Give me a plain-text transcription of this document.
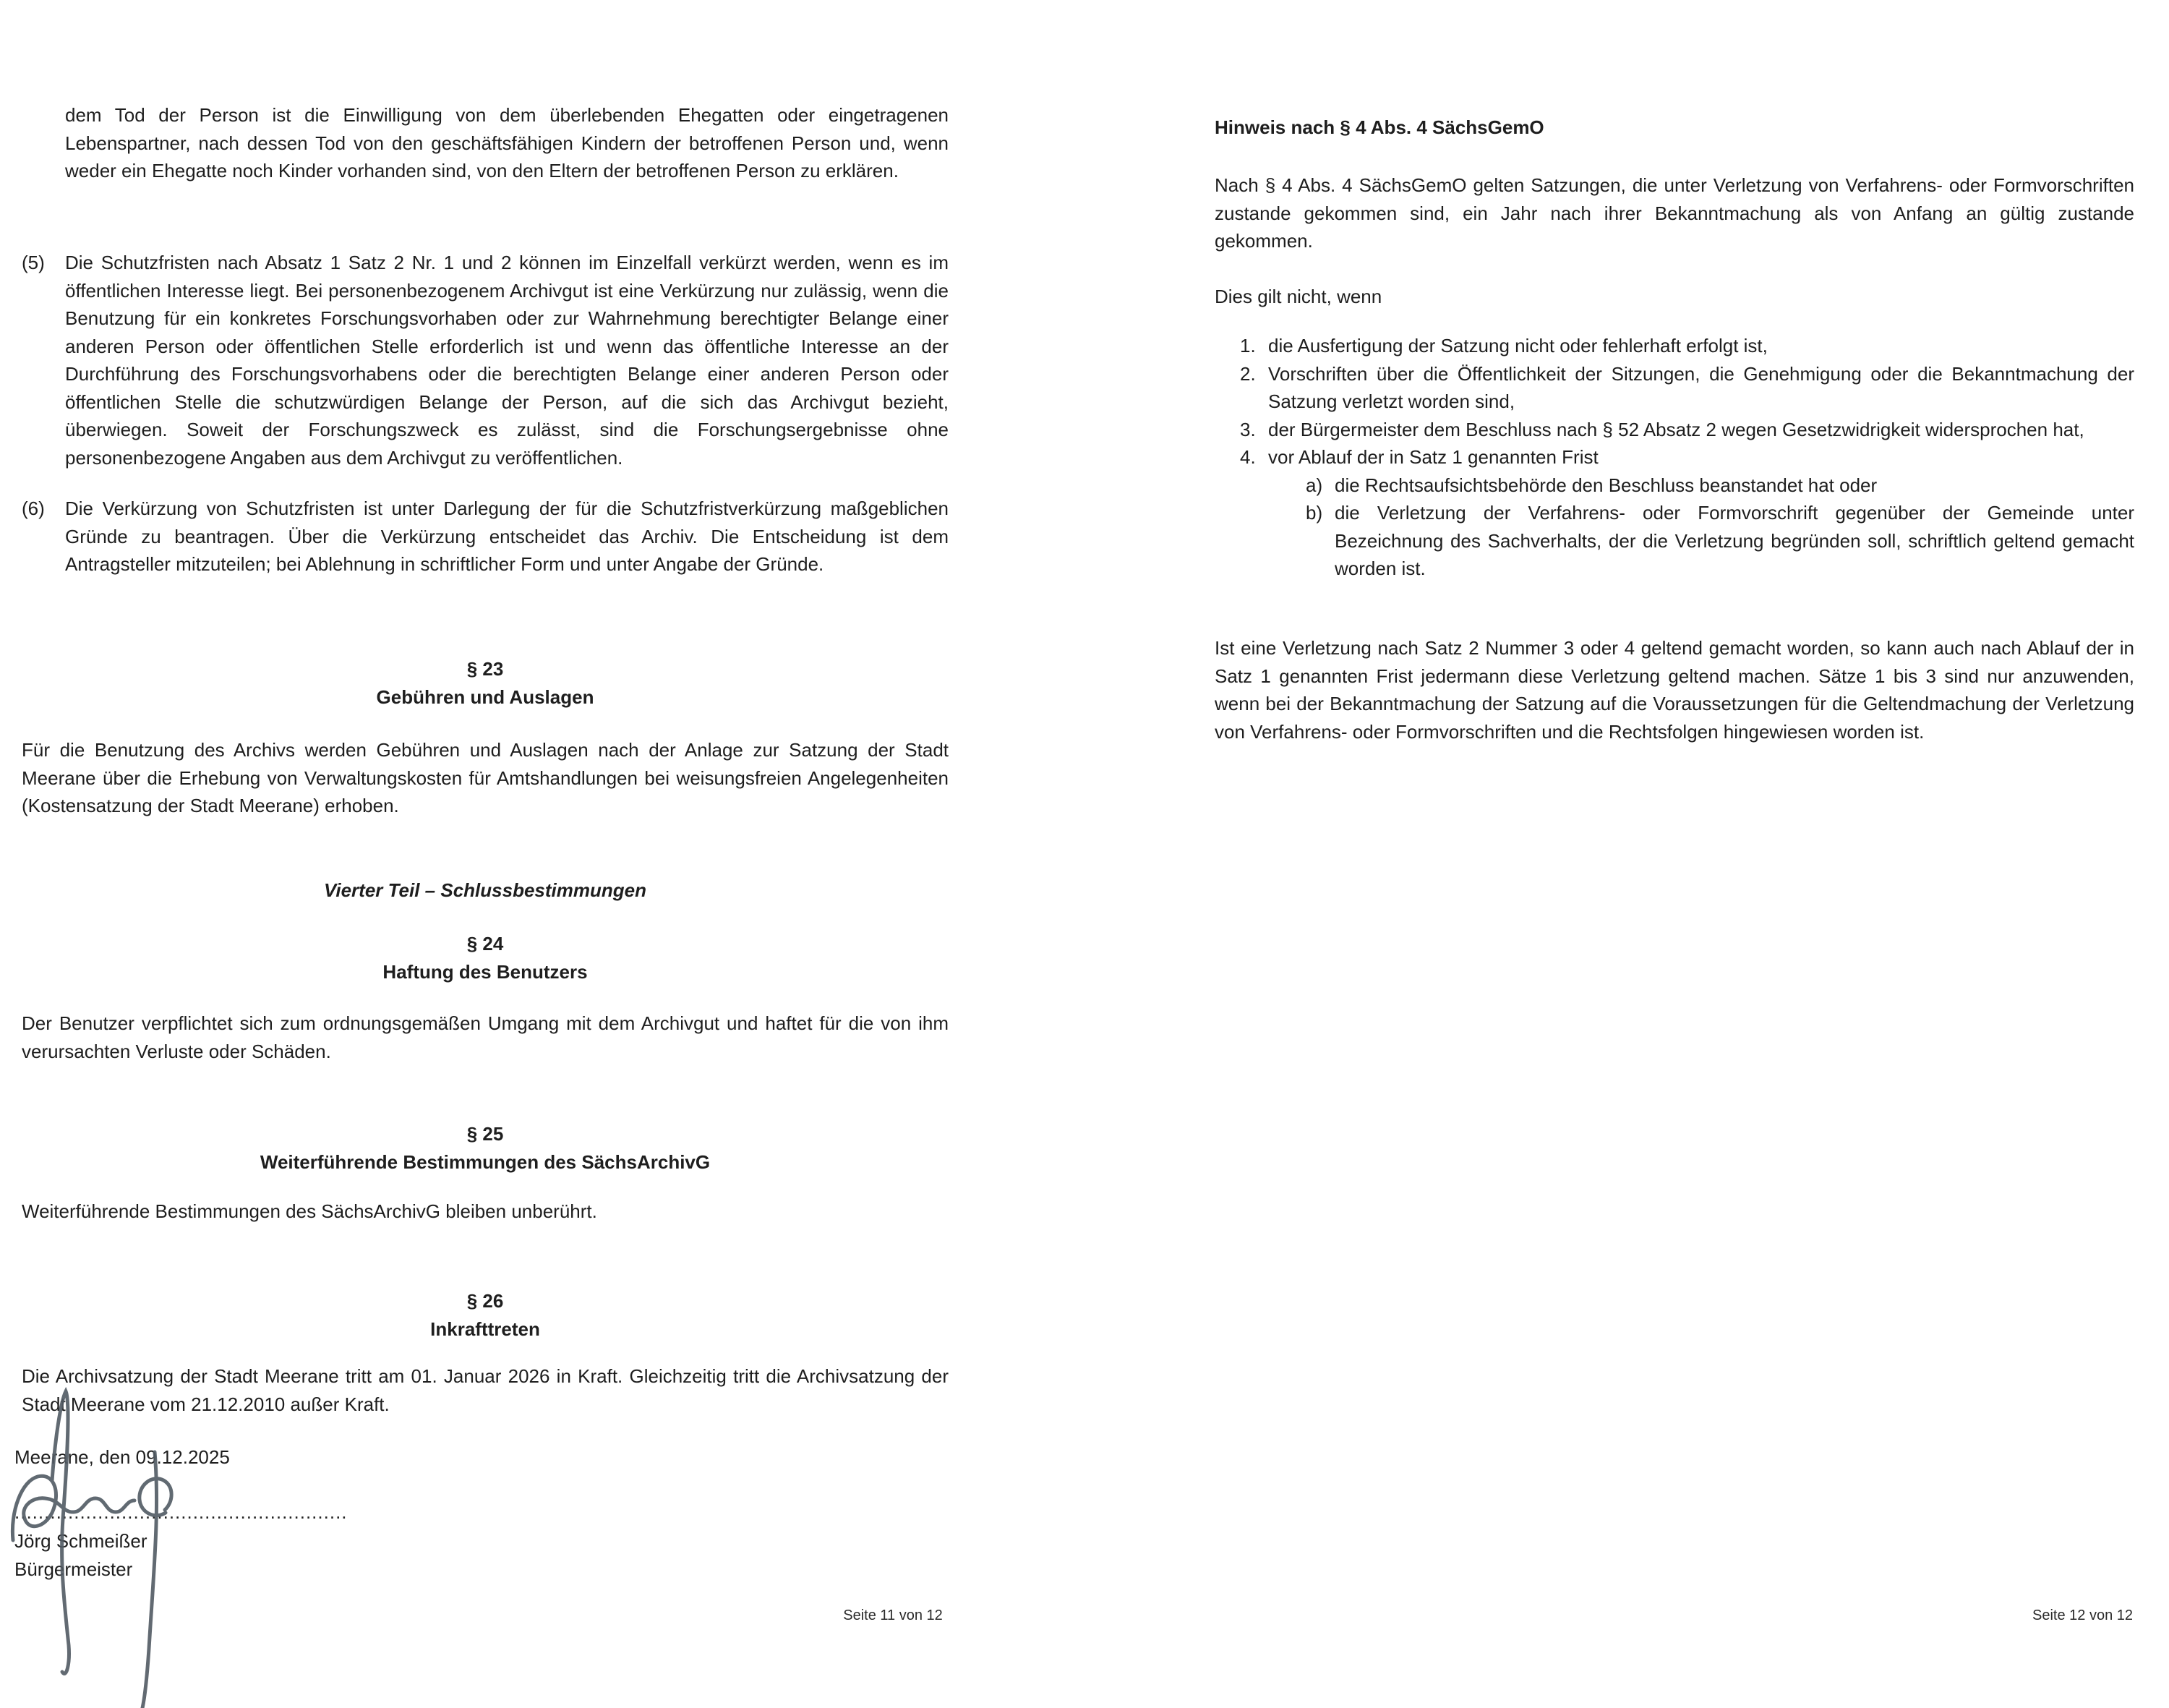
dem Tod der Person ist die Einwilligung von dem überlebenden Ehegatten oder eingetragenen Lebenspartner, nach dessen Tod von den geschäftsfähigen Kindern der betroffenen Person und, wenn weder ein Ehegatte noch Kinder vorhanden sind, von den Eltern der betroffenen Person zu erklären.
(5)	Die Schutzfristen nach Absatz 1 Satz 2 Nr. 1 und 2 können im Einzelfall verkürzt werden, wenn es im öffentlichen Interesse liegt. Bei personenbezogenem Archivgut ist eine Verkürzung nur zulässig, wenn die Benutzung für ein konkretes Forschungsvorhaben oder zur Wahrnehmung berechtigter Belange einer anderen Person oder öffentlichen Stelle erforderlich ist und wenn das öffentliche Interesse an der Durchführung des Forschungsvorhabens oder die berechtigten Belange einer anderen Person oder öffentlichen Stelle die schutzwürdigen Belange der Person, auf die sich das Archivgut bezieht, überwiegen. Soweit der Forschungszweck es zulässt, sind die Forschungsergebnisse ohne personenbezogene Angaben aus dem Archivgut zu veröffentlichen.
(6)	Die Verkürzung von Schutzfristen ist unter Darlegung der für die Schutzfristverkürzung maßgeblichen Gründe zu beantragen. Über die Verkürzung entscheidet das Archiv. Die Entscheidung ist dem Antragsteller mitzuteilen; bei Ablehnung in schriftlicher Form und unter Angabe der Gründe.
§ 23
Gebühren und Auslagen
Für die Benutzung des Archivs werden Gebühren und Auslagen nach der Anlage zur Satzung der Stadt Meerane über die Erhebung von Verwaltungskosten für Amtshandlungen bei weisungsfreien Angelegenheiten (Kostensatzung der Stadt Meerane) erhoben.
Vierter Teil – Schlussbestimmungen
§ 24
Haftung des Benutzers
Der Benutzer verpflichtet sich zum ordnungsgemäßen Umgang mit dem Archivgut und haftet für die von ihm verursachten Verluste oder Schäden.
§ 25
Weiterführende Bestimmungen des SächsArchivG
Weiterführende Bestimmungen des SächsArchivG bleiben unberührt.
§ 26
Inkrafttreten
Die Archivsatzung der Stadt Meerane tritt am 01. Januar 2026 in Kraft. Gleichzeitig tritt die Archivsatzung der Stadt Meerane vom 21.12.2010 außer Kraft.
Meerane, den 09.12.2025
........................................................
Jörg Schmeißer
Bürgermeister
Seite 11 von 12
Hinweis nach § 4 Abs. 4 SächsGemO
Nach § 4 Abs. 4 SächsGemO gelten Satzungen, die unter Verletzung von Verfahrens- oder Formvorschriften zustande gekommen sind, ein Jahr nach ihrer Bekanntmachung als von Anfang an gültig zustande gekommen.
Dies gilt nicht, wenn
1. die Ausfertigung der Satzung nicht oder fehlerhaft erfolgt ist,
2. Vorschriften über die Öffentlichkeit der Sitzungen, die Genehmigung oder die Bekanntmachung der Satzung verletzt worden sind,
3. der Bürgermeister dem Beschluss nach § 52 Absatz 2 wegen Gesetzwidrigkeit widersprochen hat,
4. vor Ablauf der in Satz 1 genannten Frist
a) die Rechtsaufsichtsbehörde den Beschluss beanstandet hat oder
b) die Verletzung der Verfahrens- oder Formvorschrift gegenüber der Gemeinde unter Bezeichnung des Sachverhalts, der die Verletzung begründen soll, schriftlich geltend gemacht worden ist.
Ist eine Verletzung nach Satz 2 Nummer 3 oder 4 geltend gemacht worden, so kann auch nach Ablauf der in Satz 1 genannten Frist jedermann diese Verletzung geltend machen. Sätze 1 bis 3 sind nur anzuwenden, wenn bei der Bekanntmachung der Satzung auf die Voraussetzungen für die Geltendmachung der Verletzung von Verfahrens- oder Formvorschriften und die Rechtsfolgen hingewiesen worden ist.
Seite 12 von 12
